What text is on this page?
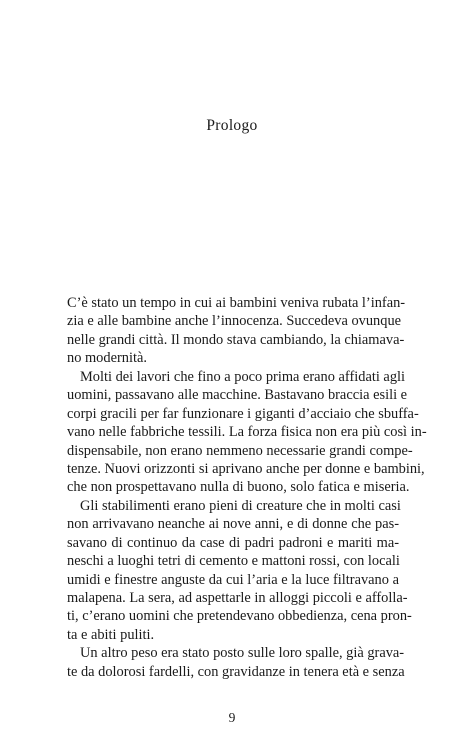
Prologo
C’è stato un tempo in cui ai bambini veniva rubata l’infan-
zia e alle bambine anche l’innocenza. Succedeva ovunque
nelle grandi città. Il mondo stava cambiando, la chiamava-
no modernità.
Molti dei lavori che fino a poco prima erano affidati agli
uomini, passavano alle macchine. Bastavano braccia esili e
corpi gracili per far funzionare i giganti d’acciaio che sbuffa-
vano nelle fabbriche tessili. La forza fisica non era più così in-
dispensabile, non erano nemmeno necessarie grandi compe-
tenze. Nuovi orizzonti si aprivano anche per donne e bambini,
che non prospettavano nulla di buono, solo fatica e miseria.
Gli stabilimenti erano pieni di creature che in molti casi
non arrivavano neanche ai nove anni, e di donne che pas-
savano di continuo da case di padri padroni e mariti ma-
neschi a luoghi tetri di cemento e mattoni rossi, con locali
umidi e finestre anguste da cui l’aria e la luce filtravano a
malapena. La sera, ad aspettarle in alloggi piccoli e affolla-
ti, c’erano uomini che pretendevano obbedienza, cena pron-
ta e abiti puliti.
Un altro peso era stato posto sulle loro spalle, già grava-
te da dolorosi fardelli, con gravidanze in tenera età e senza
9
